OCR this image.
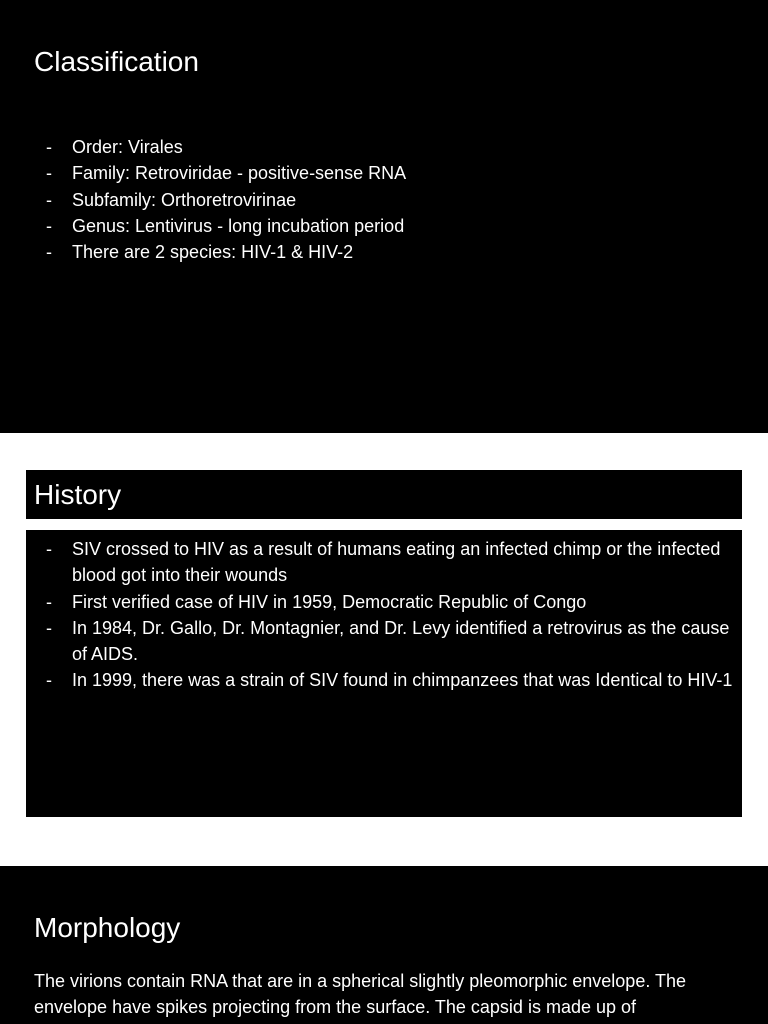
Classification
- Order: Virales
- Family: Retroviridae - positive-sense RNA
- Subfamily: Orthoretrovirinae
- Genus: Lentivirus - long incubation period
- There are 2 species: HIV-1 & HIV-2
History
- SIV crossed to HIV as a result of humans eating an infected chimp or the infected blood got into their wounds
- First verified case of HIV in 1959, Democratic Republic of Congo
- In 1984, Dr. Gallo, Dr. Montagnier, and Dr. Levy identified a retrovirus as the cause of AIDS.
- In 1999, there was a strain of SIV found in chimpanzees that was Identical to HIV-1
Morphology

The virions contain RNA that are in a spherical slightly pleomorphic envelope. The envelope have spikes projecting from the surface. The capsid is made up of
